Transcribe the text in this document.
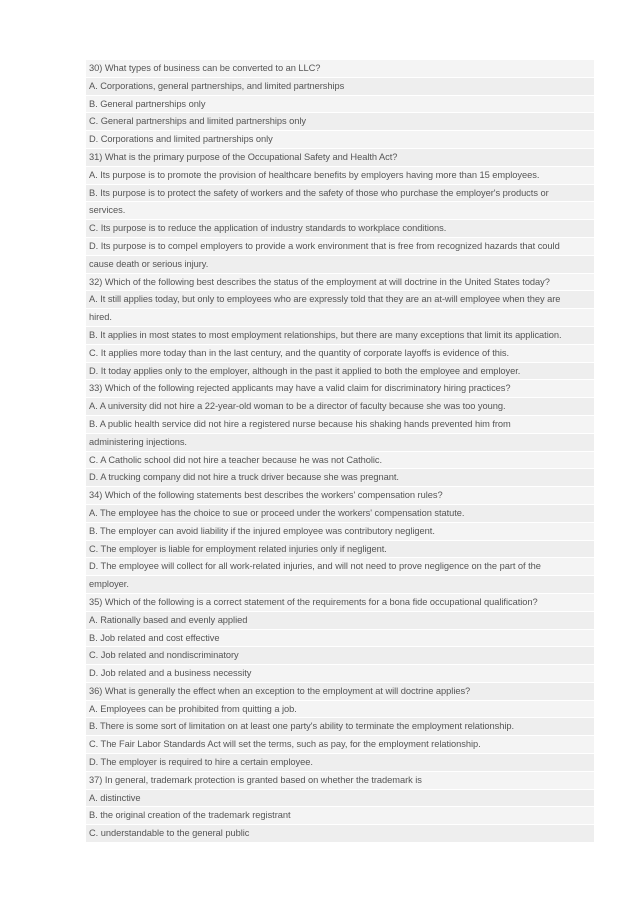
30) What types of business can be converted to an LLC?
A. Corporations, general partnerships, and limited partnerships
B. General partnerships only
C. General partnerships and limited partnerships only
D. Corporations and limited partnerships only
31) What is the primary purpose of the Occupational Safety and Health Act?
A. Its purpose is to promote the provision of healthcare benefits by employers having more than 15 employees.
B. Its purpose is to protect the safety of workers and the safety of those who purchase the employer's products or
services.
C. Its purpose is to reduce the application of industry standards to workplace conditions.
D. Its purpose is to compel employers to provide a work environment that is free from recognized hazards that could
cause death or serious injury.
32) Which of the following best describes the status of the employment at will doctrine in the United States today?
A. It still applies today, but only to employees who are expressly told that they are an at-will employee when they are
hired.
B. It applies in most states to most employment relationships, but there are many exceptions that limit its application.
C. It applies more today than in the last century, and the quantity of corporate layoffs is evidence of this.
D. It today applies only to the employer, although in the past it applied to both the employee and employer.
33) Which of the following rejected applicants may have a valid claim for discriminatory hiring practices?
A. A university did not hire a 22-year-old woman to be a director of faculty because she was too young.
B. A public health service did not hire a registered nurse because his shaking hands prevented him from
administering injections.
C. A Catholic school did not hire a teacher because he was not Catholic.
D. A trucking company did not hire a truck driver because she was pregnant.
34) Which of the following statements best describes the workers' compensation rules?
A. The employee has the choice to sue or proceed under the workers' compensation statute.
B. The employer can avoid liability if the injured employee was contributory negligent.
C. The employer is liable for employment related injuries only if negligent.
D. The employee will collect for all work-related injuries, and will not need to prove negligence on the part of the
employer.
35) Which of the following is a correct statement of the requirements for a bona fide occupational qualification?
A. Rationally based and evenly applied
B. Job related and cost effective
C. Job related and nondiscriminatory
D. Job related and a business necessity
36) What is generally the effect when an exception to the employment at will doctrine applies?
A. Employees can be prohibited from quitting a job.
B. There is some sort of limitation on at least one party's ability to terminate the employment relationship.
C. The Fair Labor Standards Act will set the terms, such as pay, for the employment relationship.
D. The employer is required to hire a certain employee.
37) In general, trademark protection is granted based on whether the trademark is
A. distinctive
B. the original creation of the trademark registrant
C. understandable to the general public
